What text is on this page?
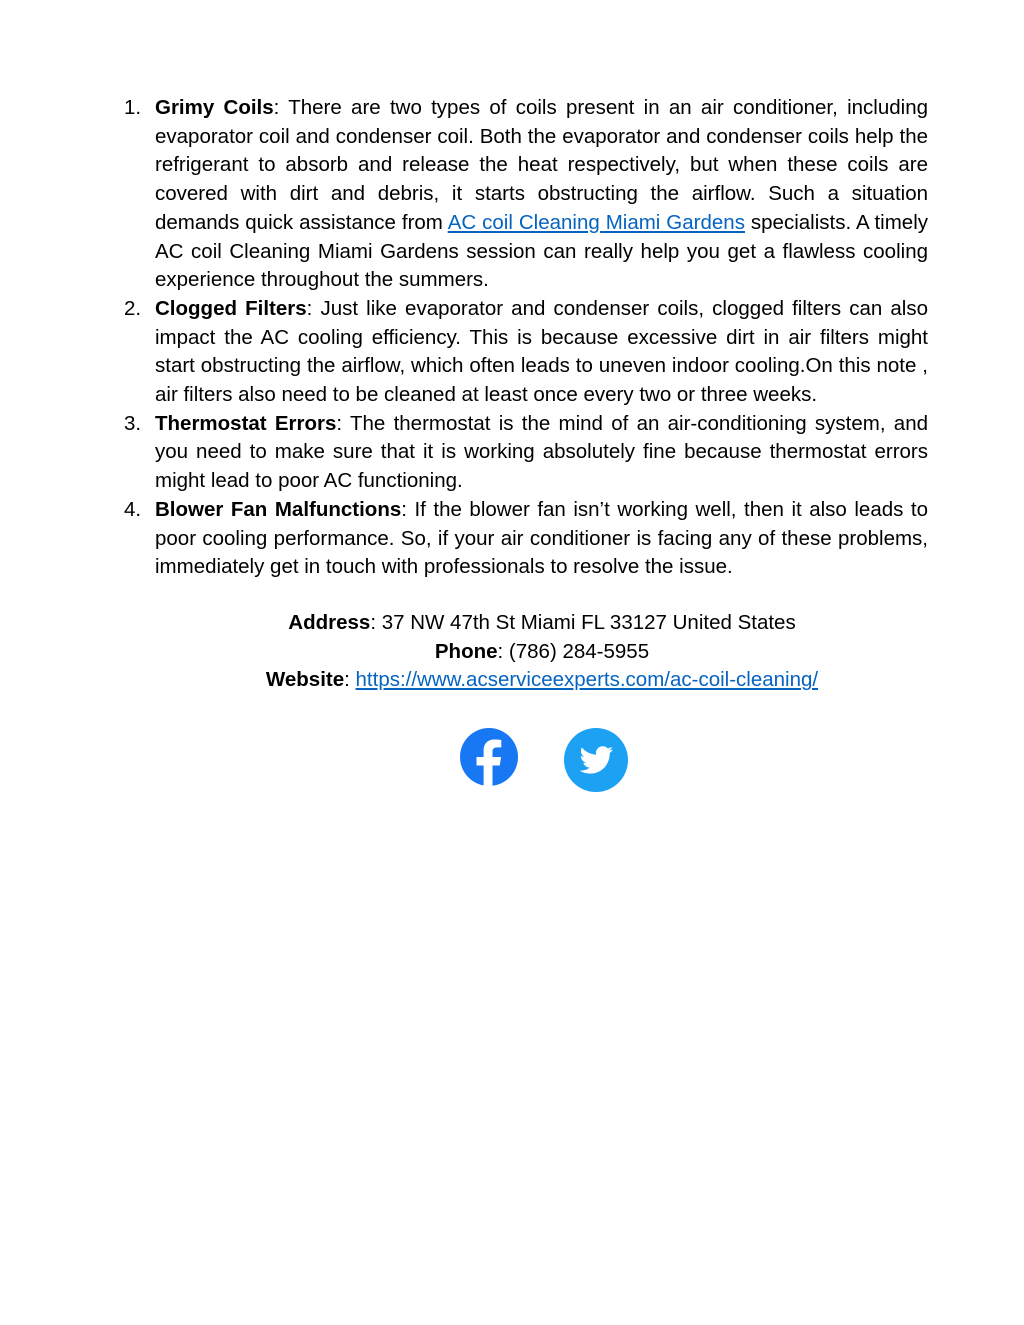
1. Grimy Coils: There are two types of coils present in an air conditioner, including evaporator coil and condenser coil. Both the evaporator and condenser coils help the refrigerant to absorb and release the heat respectively, but when these coils are covered with dirt and debris, it starts obstructing the airflow. Such a situation demands quick assistance from AC coil Cleaning Miami Gardens specialists. A timely AC coil Cleaning Miami Gardens session can really help you get a flawless cooling experience throughout the summers.
2. Clogged Filters: Just like evaporator and condenser coils, clogged filters can also impact the AC cooling efficiency. This is because excessive dirt in air filters might start obstructing the airflow, which often leads to uneven indoor cooling.On this note , air filters also need to be cleaned at least once every two or three weeks.
3. Thermostat Errors: The thermostat is the mind of an air-conditioning system, and you need to make sure that it is working absolutely fine because thermostat errors might lead to poor AC functioning.
4. Blower Fan Malfunctions: If the blower fan isn’t working well, then it also leads to poor cooling performance. So, if your air conditioner is facing any of these problems, immediately get in touch with professionals to resolve the issue.
Address: 37 NW 47th St Miami FL 33127 United States
Phone: (786) 284-5955
Website: https://www.acserviceexperts.com/ac-coil-cleaning/
